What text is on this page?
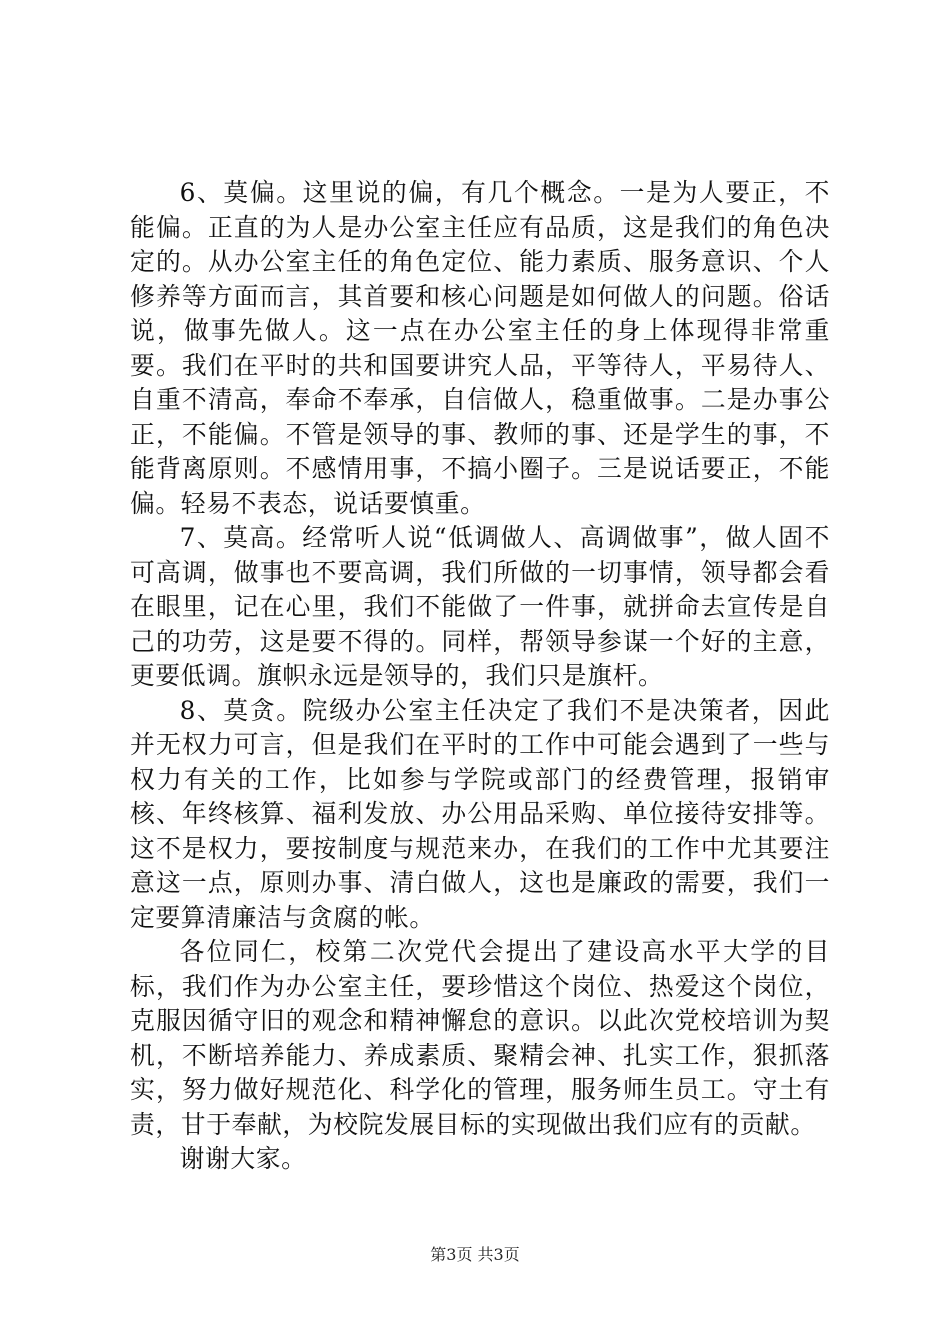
6、莫偏。这里说的偏，有几个概念。一是为人要正，不能偏。正直的为人是办公室主任应有品质，这是我们的角色决定的。从办公室主任的角色定位、能力素质、服务意识、个人修养等方面而言，其首要和核心问题是如何做人的问题。俗话说，做事先做人。这一点在办公室主任的身上体现得非常重要。我们在平时的共和国要讲究人品，平等待人，平易待人、自重不清高，奉命不奉承，自信做人，稳重做事。二是办事公正，不能偏。不管是领导的事、教师的事、还是学生的事，不能背离原则。不感情用事，不搞小圈子。三是说话要正，不能偏。轻易不表态，说话要慎重。

7、莫高。经常听人说“低调做人、高调做事”，做人固不可高调，做事也不要高调，我们所做的一切事情，领导都会看在眼里，记在心里，我们不能做了一件事，就拼命去宣传是自己的功劳，这是要不得的。同样，帮领导参谋一个好的主意，更要低调。旗帜永远是领导的，我们只是旗杆。

8、莫贪。院级办公室主任决定了我们不是决策者，因此并无权力可言，但是我们在平时的工作中可能会遇到了一些与权力有关的工作，比如参与学院或部门的经费管理，报销审核、年终核算、福利发放、办公用品采购、单位接待安排等。这不是权力，要按制度与规范来办，在我们的工作中尤其要注意这一点，原则办事、清白做人，这也是廉政的需要，我们一定要算清廉洁与贪腐的帐。

各位同仁，校第二次党代会提出了建设高水平大学的目标，我们作为办公室主任，要珍惜这个岗位、热爱这个岗位，克服因循守旧的观念和精神懈怠的意识。以此次党校培训为契机，不断培养能力、养成素质、聚精会神、扎实工作，狠抓落实，努力做好规范化、科学化的管理，服务师生员工。守土有责，甘于奉献，为校院发展目标的实现做出我们应有的贡献。

谢谢大家。

第3页 共3页
